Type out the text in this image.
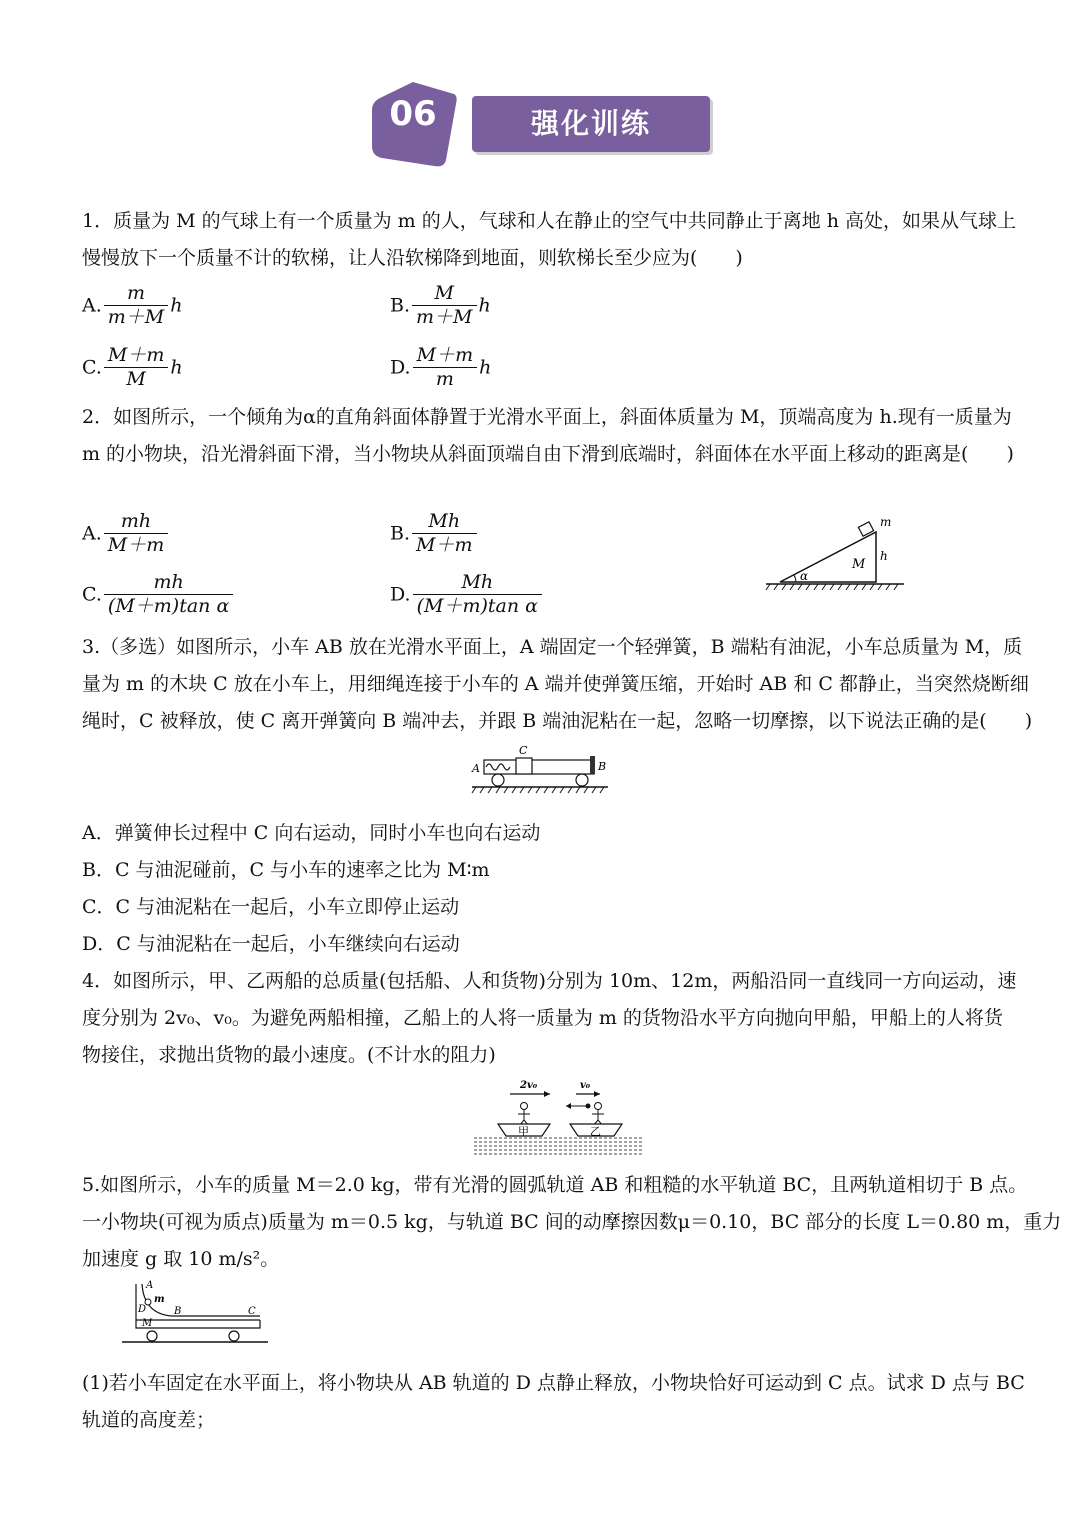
06	强化训练
1．质量为 M 的气球上有一个质量为 m 的人，气球和人在静止的空气中共同静止于离地 h 高处，如果从气球上
慢慢放下一个质量不计的软梯，让人沿软梯降到地面，则软梯长至少应为(　　)
A. $\frac{m}{m+M}$ h	B. $\frac{M}{m+M}$ h
C. $\frac{M+m}{M}$ h	D. $\frac{M+m}{m}$ h
2．如图所示，一个倾角为α的直角斜面体静置于光滑水平面上，斜面体质量为 M，顶端高度为 h.现有一质量为
m 的小物块，沿光滑斜面下滑，当小物块从斜面顶端自由下滑到底端时，斜面体在水平面上移动的距离是(　　)
A. $\frac{mh}{M+m}$	B. $\frac{Mh}{M+m}$
C. $\frac{mh}{\text{(M＋m)tan α}}$	D. $\frac{Mh}{\text{(M＋m)tan α}}$	α
M
h
m
3.（多选）如图所示，小车 AB 放在光滑水平面上，A 端固定一个轻弹簧，B 端粘有油泥，小车总质量为 M，质
量为 m 的木块 C 放在小车上，用细绳连接于小车的 A 端并使弹簧压缩，开始时 AB 和 C 都静止，当突然烧断细
绳时，C 被释放，使 C 离开弹簧向 B 端冲去，并跟 B 端油泥粘在一起，忽略一切摩擦，以下说法正确的是(　　)
A	B
C
A．弹簧伸长过程中 C 向右运动，同时小车也向右运动
B．C 与油泥碰前，C 与小车的速率之比为 M∶m
C．C 与油泥粘在一起后，小车立即停止运动
D．C 与油泥粘在一起后，小车继续向右运动
4．如图所示，甲、乙两船的总质量(包括船、人和货物)分别为 10m、12m，两船沿同一直线同一方向运动，速
度分别为 2v₀、v₀。为避免两船相撞，乙船上的人将一质量为 m 的货物沿水平方向抛向甲船，甲船上的人将货
物接住，求抛出货物的最小速度。(不计水的阻力)
2v₀	v₀
甲	乙
5.如图所示，小车的质量 M＝2.0 kg，带有光滑的圆弧轨道 AB 和粗糙的水平轨道 BC，且两轨道相切于 B 点。
一小物块(可视为质点)质量为 m＝0.5 kg，与轨道 BC 间的动摩擦因数μ＝0.10，BC 部分的长度 L＝0.80 m，重力
加速度 g 取 10 m/s²。
A
D
m
M
B	C
(1)若小车固定在水平面上，将小物块从 AB 轨道的 D 点静止释放，小物块恰好可运动到 C 点。试求 D 点与 BC
轨道的高度差；
